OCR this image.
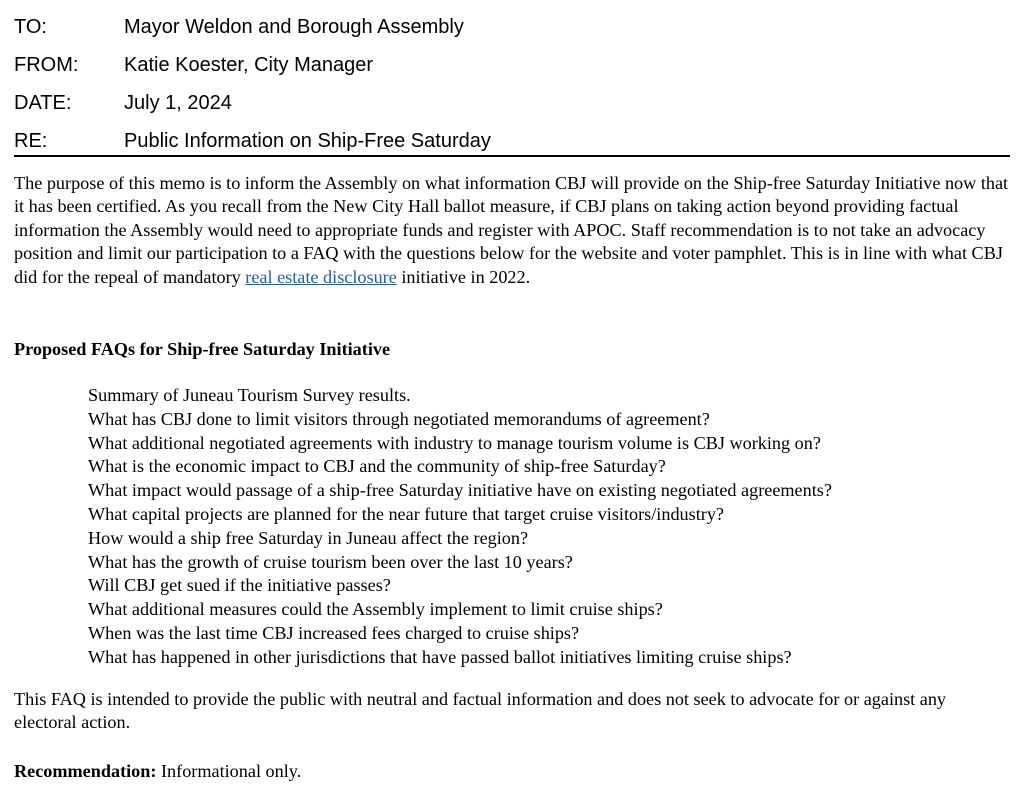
TO:	Mayor Weldon and Borough Assembly
FROM: Katie Koester, City Manager
DATE:	July 1, 2024
RE:	Public Information on Ship-Free Saturday

The purpose of this memo is to inform the Assembly on what information CBJ will provide on the Ship-free Saturday Initiative now that it has been certified. As you recall from the New City Hall ballot measure, if CBJ plans on taking action beyond providing factual information the Assembly would need to appropriate funds and register with APOC. Staff recommendation is to not take an advocacy position and limit our participation to a FAQ with the questions below for the website and voter pamphlet. This is in line with what CBJ did for the repeal of mandatory real estate disclosure initiative in 2022.

Proposed FAQs for Ship-free Saturday Initiative
Summary of Juneau Tourism Survey results.
What has CBJ done to limit visitors through negotiated memorandums of agreement?
What additional negotiated agreements with industry to manage tourism volume is CBJ working on?
What is the economic impact to CBJ and the community of ship-free Saturday?
What impact would passage of a ship-free Saturday initiative have on existing negotiated agreements?
What capital projects are planned for the near future that target cruise visitors/industry?
How would a ship free Saturday in Juneau affect the region?
What has the growth of cruise tourism been over the last 10 years?
Will CBJ get sued if the initiative passes?
What additional measures could the Assembly implement to limit cruise ships?
When was the last time CBJ increased fees charged to cruise ships?
What has happened in other jurisdictions that have passed ballot initiatives limiting cruise ships?
This FAQ is intended to provide the public with neutral and factual information and does not seek to advocate for or against any electoral action.
Recommendation: Informational only.
